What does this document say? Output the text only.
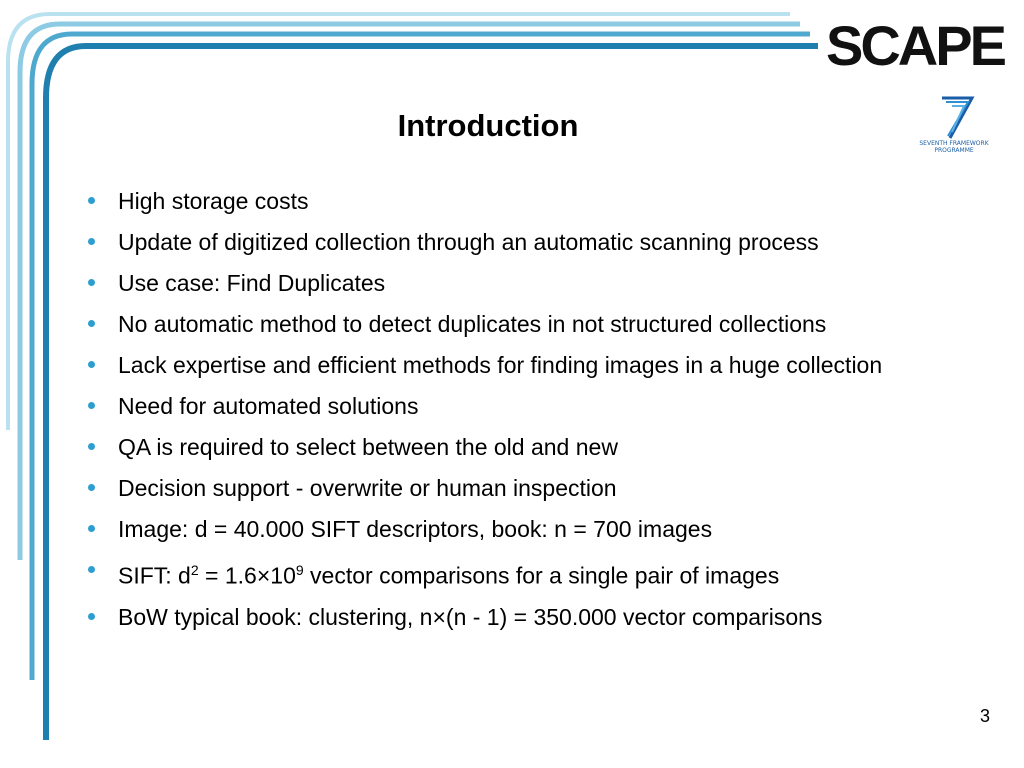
SCAPE
SEVENTH FRAMEWORK
PROGRAMME
Introduction
High storage costs
Update of digitized collection through an automatic scanning process
Use case: Find Duplicates
No automatic method to detect duplicates in not structured collections
Lack expertise and efficient methods for finding images in a huge collection
Need for automated solutions
QA is required to select between the old and new
Decision support - overwrite or human inspection
Image: d = 40.000 SIFT descriptors, book: n = 700 images
SIFT: $d^2 = 1.6\times 10^9$ vector comparisons for a single pair of images
BoW typical book: clustering, n×(n - 1) = 350.000 vector comparisons
3
